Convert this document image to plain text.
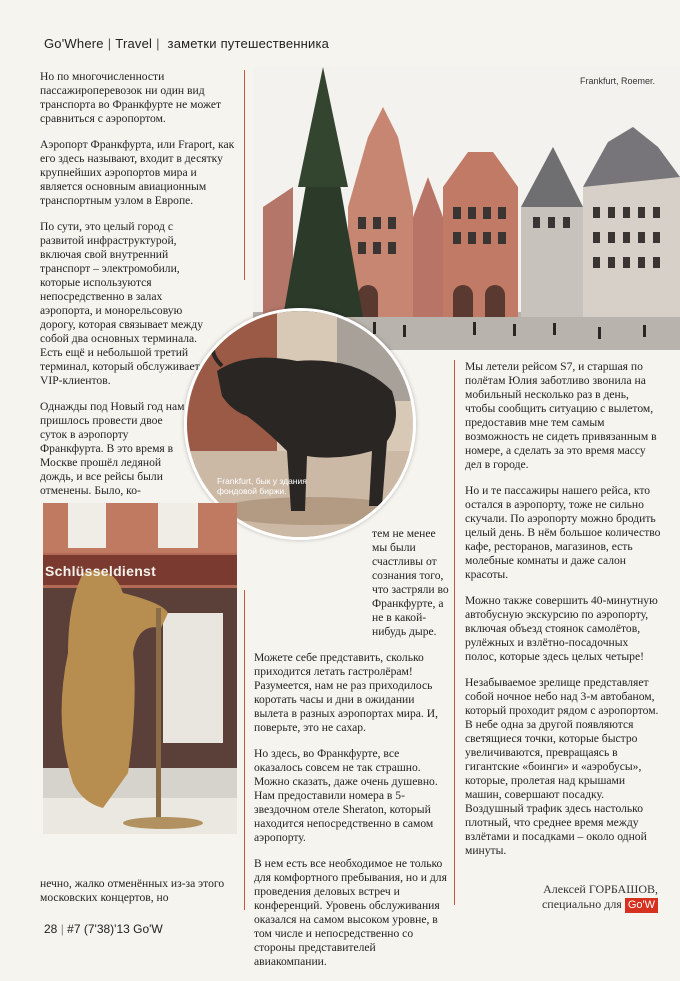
Go'Where | Travel | заметки путешественника
Frankfurt, Roemer.

Но по многочисленности пассажироперевозок ни один вид транспорта во Франкфурте не может сравниться с аэропортом.

Аэропорт Франкфурта, или Fraport, как его здесь называют, входит в десятку крупнейших аэропортов мира и является основным авиационным транспортным узлом в Европе.

По сути, это целый город с развитой инфраструктурой, включая свой внутренний транспорт – электромобили, которые используются непосредственно в залах аэропорта, и монорельсовую дорогу, которая связывает между собой два основных терминала. Есть ещё и небольшой третий терминал, который обслуживает VIP-клиентов.

Однажды под Новый год нам пришлось провести двое суток в аэропорту Франкфурта. В это время в Москве прошёл ледяной дождь, и все рейсы были отменены. Было, ко-

Frankfurt, бык у здания фондовой биржи.
Schlüsseldienst
нечно, жалко отменённых из-за этого московских концертов, но

тем не менее мы были счастливы от сознания того, что застряли во Франкфурте, а не в какой-нибудь дыре.

Можете себе представить, сколько приходится летать гастролёрам! Разумеется, нам не раз приходилось коротать часы и дни в ожидании вылета в разных аэропортах мира. И, поверьте, это не сахар.

Но здесь, во Франкфурте, все оказалось совсем не так страшно. Можно сказать, даже очень душевно. Нам предоставили номера в 5-звездочном отеле Sheraton, который находится непосредственно в самом аэропорту.

В нем есть все необходимое не только для комфортного пребывания, но и для проведения деловых встреч и конференций. Уровень обслуживания оказался на самом высоком уровне, в том числе и непосредственно со стороны представителей авиакомпании.

Мы летели рейсом S7, и старшая по полётам Юлия заботливо звонила на мобильный несколько раз в день, чтобы сообщить ситуацию с вылетом, предоставив мне тем самым возможность не сидеть привязанным в номере, а сделать за это время массу дел в городе.

Но и те пассажиры нашего рейса, кто остался в аэропорту, тоже не сильно скучали. По аэропорту можно бродить целый день. В нём большое количество кафе, ресторанов, магазинов, есть молебные комнаты и даже салон красоты.

Можно также совершить 40-минутную автобусную экскурсию по аэропорту, включая объезд стоянок самолётов, рулёжных и взлётно-посадочных полос, которые здесь целых четыре!

Незабываемое зрелище представляет собой ночное небо над 3-м автобаном, который проходит рядом с аэропортом. В небе одна за другой появляются светящиеся точки, которые быстро увеличиваются, превращаясь в гигантские «боинги» и «аэробусы», которые, пролетая над крышами машин, совершают посадку. Воздушный трафик здесь настолько плотный, что среднее время между взлётами и посадками – около одной минуты.

Алексей ГОРБАШОВ,
специально для Go'W
28 | #7 (7'38)'13 Go'W
